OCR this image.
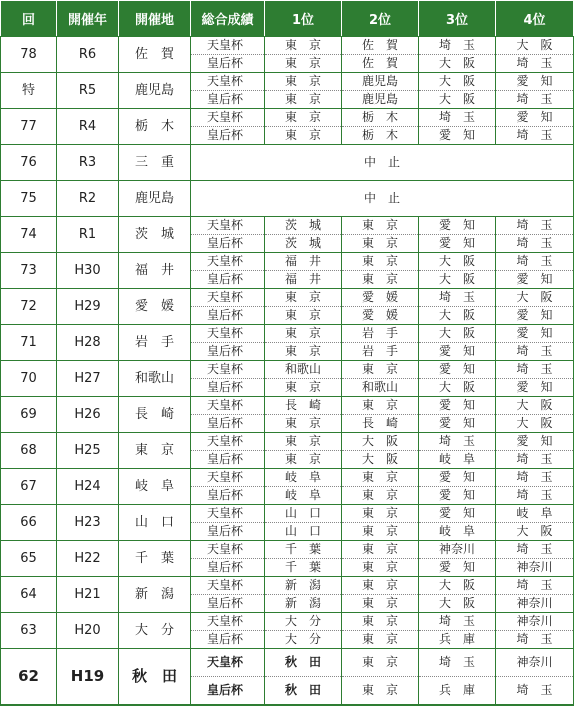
回	開催年	開催地	総合成績	1位	2位	3位	4位
78	R6	佐　賀	天皇杯	東　京	佐　賀	埼　玉	大　阪
			皇后杯	東　京	佐　賀	大　阪	埼　玉
特	R5	鹿児島	天皇杯	東　京	鹿児島	大　阪	愛　知
			皇后杯	東　京	鹿児島	大　阪	埼　玉
77	R4	栃　木	天皇杯	東　京	栃　木	埼　玉	愛　知
			皇后杯	東　京	栃　木	愛　知	埼　玉
76	R3	三　重	中　止				
75	R2	鹿児島	中　止				
74	R1	茨　城	天皇杯	茨　城	東　京	愛　知	埼　玉
			皇后杯	茨　城	東　京	愛　知	埼　玉
73	H30	福　井	天皇杯	福　井	東　京	大　阪	埼　玉
			皇后杯	福　井	東　京	大　阪	愛　知
72	H29	愛　媛	天皇杯	東　京	愛　媛	埼　玉	大　阪
			皇后杯	東　京	愛　媛	大　阪	愛　知
71	H28	岩　手	天皇杯	東　京	岩　手	大　阪	愛　知
			皇后杯	東　京	岩　手	愛　知	埼　玉
70	H27	和歌山	天皇杯	和歌山	東　京	愛　知	埼　玉
			皇后杯	東　京	和歌山	大　阪	愛　知
69	H26	長　崎	天皇杯	長　崎	東　京	愛　知	大　阪
			皇后杯	東　京	長　崎	愛　知	大　阪
68	H25	東　京	天皇杯	東　京	大　阪	埼　玉	愛　知
			皇后杯	東　京	大　阪	岐　阜	埼　玉
67	H24	岐　阜	天皇杯	岐　阜	東　京	愛　知	埼　玉
			皇后杯	岐　阜	東　京	愛　知	埼　玉
66	H23	山　口	天皇杯	山　口	東　京	愛　知	岐　阜
			皇后杯	山　口	東　京	岐　阜	大　阪
65	H22	千　葉	天皇杯	千　葉	東　京	神奈川	埼　玉
			皇后杯	千　葉	東　京	愛　知	神奈川
64	H21	新　潟	天皇杯	新　潟	東　京	大　阪	埼　玉
			皇后杯	新　潟	東　京	大　阪	神奈川
63	H20	大　分	天皇杯	大　分	東　京	埼　玉	神奈川
			皇后杯	大　分	東　京	兵　庫	埼　玉
62	H19	秋　田	天皇杯	秋　田	東　京	埼　玉	神奈川
			皇后杯	秋　田	東　京	兵　庫	埼　玉
